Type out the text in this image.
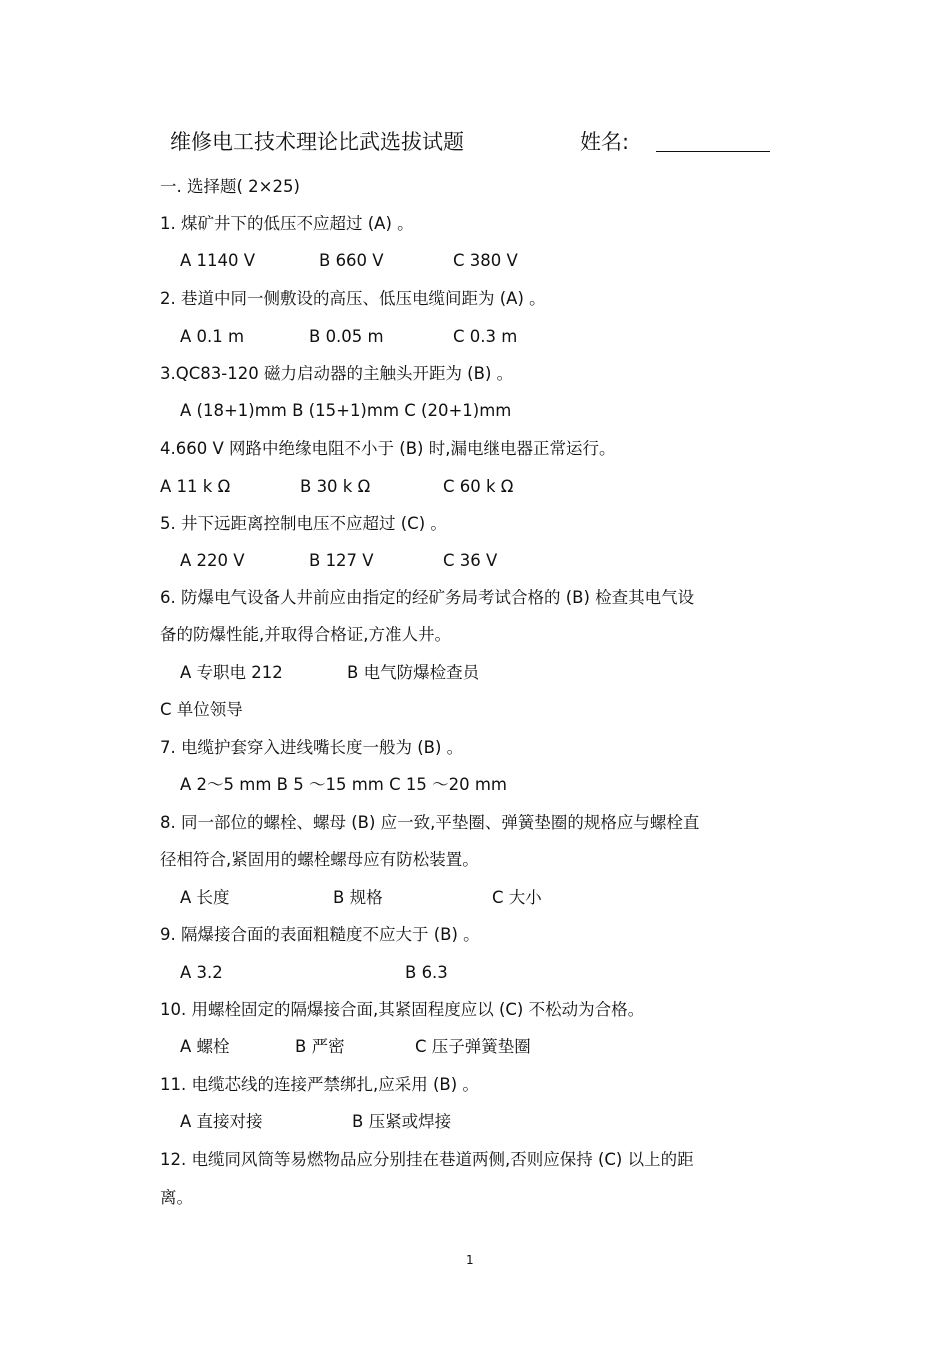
维修电工技术理论比武选拔试题	姓名:
一. 选择题( 2×25)
1. 煤矿井下的低压不应超过 (A) 。
A 1140 V	B 660 V	C 380 V
2. 巷道中同一侧敷设的高压、低压电缆间距为 (A) 。
A 0.1 m	B 0.05 m	C 0.3 m
3.QC83-120 磁力启动器的主触头开距为 (B) 。
A (18+1)mm B (15+1)mm C (20+1)mm
4.660 V 网路中绝缘电阻不小于 (B) 时,漏电继电器正常运行。
A 11 k Ω	B 30 k Ω	C 60 k Ω
5. 井下远距离控制电压不应超过 (C) 。
A 220 V	B 127 V	C 36 V
6. 防爆电气设备人井前应由指定的经矿务局考试合格的 (B) 检查其电气设
备的防爆性能,并取得合格证,方准人井。
A 专职电 212	B 电气防爆检查员
C 单位领导
7. 电缆护套穿入进线嘴长度一般为 (B) 。
A 2～5 mm B 5 ～15 mm C 15 ～20 mm
8. 同一部位的螺栓、螺母 (B) 应一致,平垫圈、弹簧垫圈的规格应与螺栓直
径相符合,紧固用的螺栓螺母应有防松装置。
A 长度	B 规格	C 大小
9. 隔爆接合面的表面粗糙度不应大于 (B) 。
A 3.2	B 6.3
10. 用螺栓固定的隔爆接合面,其紧固程度应以 (C) 不松动为合格。
A 螺栓	B 严密	C 压子弹簧垫圈
11. 电缆芯线的连接严禁绑扎,应采用 (B) 。
A 直接对接	B 压紧或焊接
12. 电缆同风筒等易燃物品应分别挂在巷道两侧,否则应保持 (C) 以上的距
离。
1
